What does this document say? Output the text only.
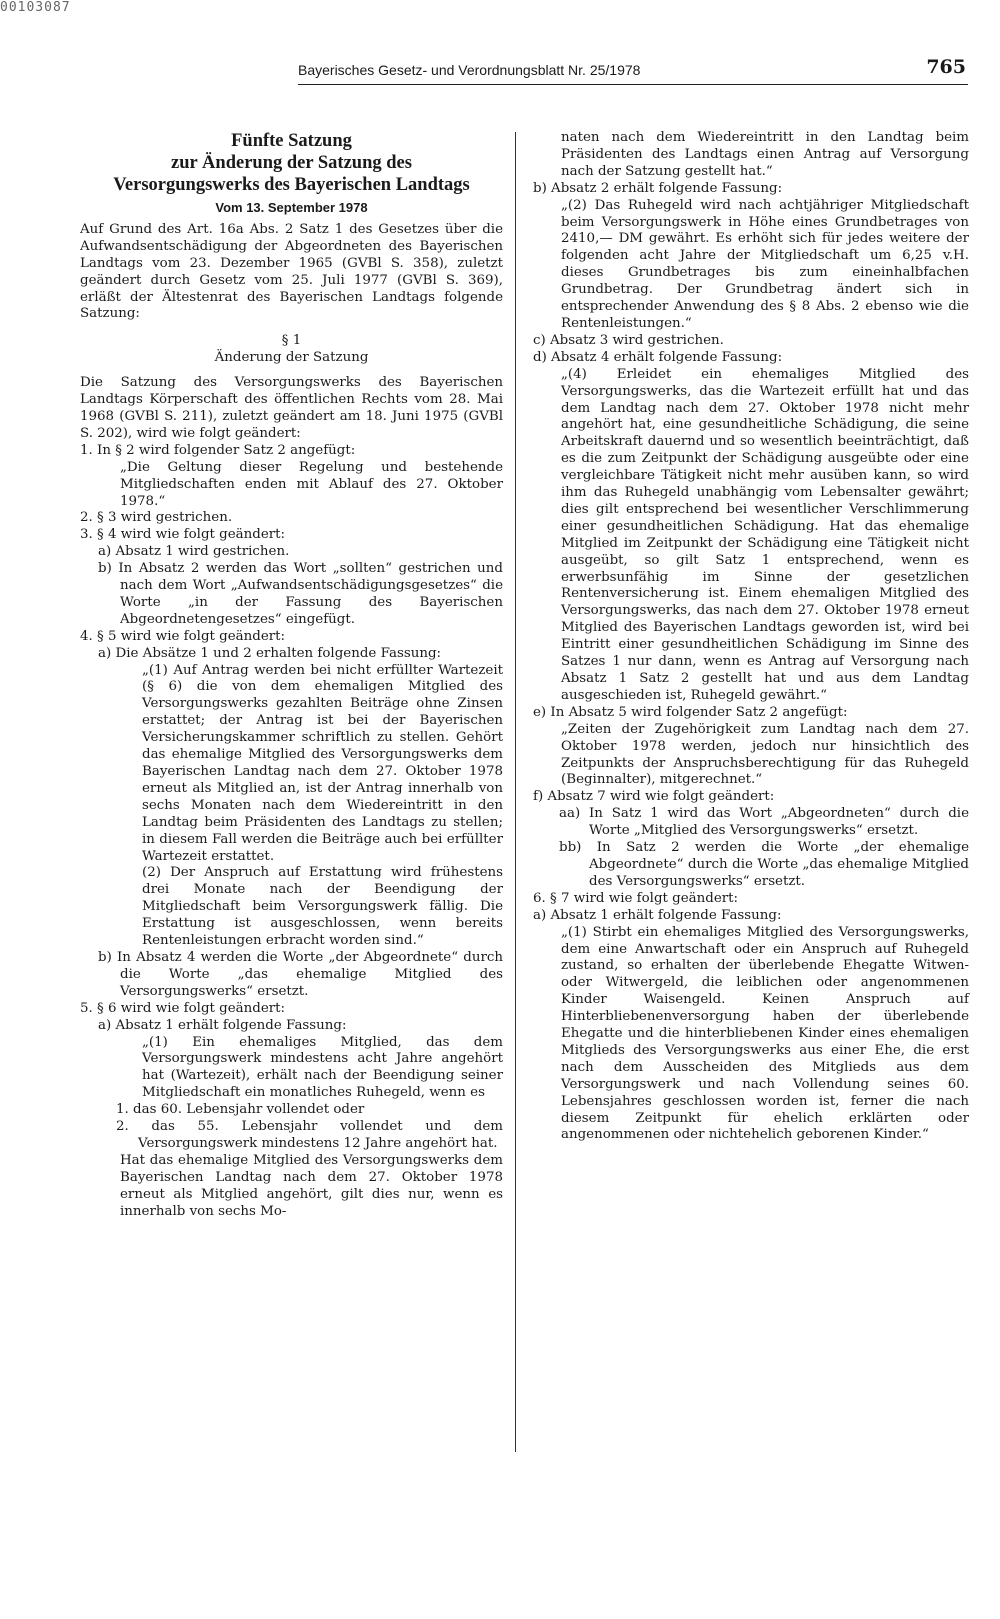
00103087
Bayerisches Gesetz- und Verordnungsblatt Nr. 25/1978	765
Fünfte Satzung
zur Änderung der Satzung des
Versorgungswerks des Bayerischen Landtags
Vom 13. September 1978

Auf Grund des Art. 16a Abs. 2 Satz 1 des Gesetzes über die Aufwandsentschädigung der Abgeordneten des Bayerischen Landtags vom 23. Dezember 1965 (GVBl S. 358), zuletzt geändert durch Gesetz vom 25. Juli 1977 (GVBl S. 369), erläßt der Ältestenrat des Bayerischen Landtags folgende Satzung:

§ 1
Änderung der Satzung

Die Satzung des Versorgungswerks des Bayerischen Landtags Körperschaft des öffentlichen Rechts vom 28. Mai 1968 (GVBl S. 211), zuletzt geändert am 18. Juni 1975 (GVBl S. 202), wird wie folgt geändert:

1. In § 2 wird folgender Satz 2 angefügt:

„Die Geltung dieser Regelung und bestehende Mitgliedschaften enden mit Ablauf des 27. Oktober 1978.“

2. § 3 wird gestrichen.

3. § 4 wird wie folgt geändert:

a) Absatz 1 wird gestrichen.

b) In Absatz 2 werden das Wort „sollten“ gestrichen und nach dem Wort „Aufwandsentschädigungsgesetzes“ die Worte „in der Fassung des Bayerischen Abgeordnetengesetzes“ eingefügt.

4. § 5 wird wie folgt geändert:

a) Die Absätze 1 und 2 erhalten folgende Fassung:

„(1) Auf Antrag werden bei nicht erfüllter Wartezeit (§ 6) die von dem ehemaligen Mitglied des Versorgungswerks gezahlten Beiträge ohne Zinsen erstattet; der Antrag ist bei der Bayerischen Versicherungskammer schriftlich zu stellen. Gehört das ehemalige Mitglied des Versorgungswerks dem Bayerischen Landtag nach dem 27. Oktober 1978 erneut als Mitglied an, ist der Antrag innerhalb von sechs Monaten nach dem Wiedereintritt in den Landtag beim Präsidenten des Landtags zu stellen; in diesem Fall werden die Beiträge auch bei erfüllter Wartezeit erstattet.

(2) Der Anspruch auf Erstattung wird frühestens drei Monate nach der Beendigung der Mitgliedschaft beim Versorgungswerk fällig. Die Erstattung ist ausgeschlossen, wenn bereits Rentenleistungen erbracht worden sind.“

b) In Absatz 4 werden die Worte „der Abgeordnete“ durch die Worte „das ehemalige Mitglied des Versorgungswerks“ ersetzt.

5. § 6 wird wie folgt geändert:

a) Absatz 1 erhält folgende Fassung:

„(1) Ein ehemaliges Mitglied, das dem Versorgungswerk mindestens acht Jahre angehört hat (Wartezeit), erhält nach der Beendigung seiner Mitgliedschaft ein monatliches Ruhegeld, wenn es

1. das 60. Lebensjahr vollendet oder

2. das 55. Lebensjahr vollendet und dem Versorgungswerk mindestens 12 Jahre angehört hat.

Hat das ehemalige Mitglied des Versorgungswerks dem Bayerischen Landtag nach dem 27. Oktober 1978 erneut als Mitglied angehört, gilt dies nur, wenn es innerhalb von sechs Mo-

naten nach dem Wiedereintritt in den Landtag beim Präsidenten des Landtags einen Antrag auf Versorgung nach der Satzung gestellt hat.“

b) Absatz 2 erhält folgende Fassung:

„(2) Das Ruhegeld wird nach achtjähriger Mitgliedschaft beim Versorgungswerk in Höhe eines Grundbetrages von 2410,— DM gewährt. Es erhöht sich für jedes weitere der folgenden acht Jahre der Mitgliedschaft um 6,25 v.H. dieses Grundbetrages bis zum eineinhalbfachen Grundbetrag. Der Grundbetrag ändert sich in entsprechender Anwendung des § 8 Abs. 2 ebenso wie die Rentenleistungen.“

c) Absatz 3 wird gestrichen.

d) Absatz 4 erhält folgende Fassung:

„(4) Erleidet ein ehemaliges Mitglied des Versorgungswerks, das die Wartezeit erfüllt hat und das dem Landtag nach dem 27. Oktober 1978 nicht mehr angehört hat, eine gesundheitliche Schädigung, die seine Arbeitskraft dauernd und so wesentlich beeinträchtigt, daß es die zum Zeitpunkt der Schädigung ausgeübte oder eine vergleichbare Tätigkeit nicht mehr ausüben kann, so wird ihm das Ruhegeld unabhängig vom Lebensalter gewährt; dies gilt entsprechend bei wesentlicher Verschlimmerung einer gesundheitlichen Schädigung. Hat das ehemalige Mitglied im Zeitpunkt der Schädigung eine Tätigkeit nicht ausgeübt, so gilt Satz 1 entsprechend, wenn es erwerbsunfähig im Sinne der gesetzlichen Rentenversicherung ist. Einem ehemaligen Mitglied des Versorgungswerks, das nach dem 27. Oktober 1978 erneut Mitglied des Bayerischen Landtags geworden ist, wird bei Eintritt einer gesundheitlichen Schädigung im Sinne des Satzes 1 nur dann, wenn es Antrag auf Versorgung nach Absatz 1 Satz 2 gestellt hat und aus dem Landtag ausgeschieden ist, Ruhegeld gewährt.“

e) In Absatz 5 wird folgender Satz 2 angefügt:

„Zeiten der Zugehörigkeit zum Landtag nach dem 27. Oktober 1978 werden, jedoch nur hinsichtlich des Zeitpunkts der Anspruchsberechtigung für das Ruhegeld (Beginnalter), mitgerechnet.“

f) Absatz 7 wird wie folgt geändert:

aa) In Satz 1 wird das Wort „Abgeordneten“ durch die Worte „Mitglied des Versorgungswerks“ ersetzt.

bb) In Satz 2 werden die Worte „der ehemalige Abgeordnete“ durch die Worte „das ehemalige Mitglied des Versorgungswerks“ ersetzt.

6. § 7 wird wie folgt geändert:

a) Absatz 1 erhält folgende Fassung:

„(1) Stirbt ein ehemaliges Mitglied des Versorgungswerks, dem eine Anwartschaft oder ein Anspruch auf Ruhegeld zustand, so erhalten der überlebende Ehegatte Witwen- oder Witwergeld, die leiblichen oder angenommenen Kinder Waisengeld. Keinen Anspruch auf Hinterbliebenenversorgung haben der überlebende Ehegatte und die hinterbliebenen Kinder eines ehemaligen Mitglieds des Versorgungswerks aus einer Ehe, die erst nach dem Ausscheiden des Mitglieds aus dem Versorgungswerk und nach Vollendung seines 60. Lebensjahres geschlossen worden ist, ferner die nach diesem Zeitpunkt für ehelich erklärten oder angenommenen oder nichtehelich geborenen Kinder.“
